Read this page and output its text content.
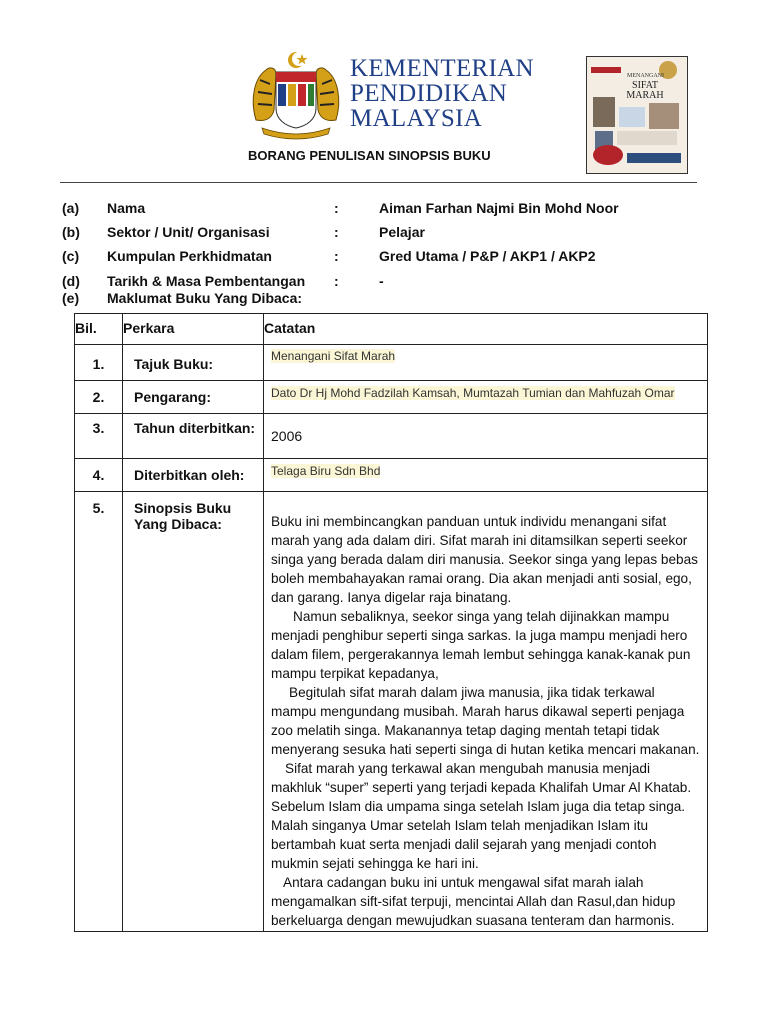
KEMENTERIAN
PENDIDIKAN
MALAYSIA
MENANGANI
SIFAT MARAH
BORANG PENULISAN SINOPSIS BUKU
(a) Nama	:	Aiman Farhan Najmi Bin Mohd Noor
(b) Sektor / Unit/ Organisasi	:	Pelajar
(c) Kumpulan Perkhidmatan	:	Gred Utama / P&P / AKP1 / AKP2
(d) Tarikh & Masa Pembentangan :	-
(e) Maklumat Buku Yang Dibaca:
Bil.	Perkara	Catatan
1.	Tajuk Buku:	Menangani Sifat Marah
2.	Pengarang:	Dato Dr Hj Mohd Fadzilah Kamsah, Mumtazah Tumian dan Mahfuzah Omar
3.	Tahun diterbitkan:	2006
4.	Diterbitkan oleh:	Telaga Biru Sdn Bhd
5.	Sinopsis Buku Yang Dibaca:	Buku ini membincangkan panduan untuk individu menangani sifat marah yang ada dalam diri. Sifat marah ini ditamsilkan seperti seekor singa yang berada dalam diri manusia. Seekor singa yang lepas bebas boleh membahayakan ramai orang. Dia akan menjadi anti sosial, ego, dan garang. Ianya digelar raja binatang.

Namun sebaliknya, seekor singa yang telah dijinakkan mampu menjadi penghibur seperti singa sarkas. Ia juga mampu menjadi hero dalam filem, pergerakannya lemah lembut sehingga kanak-kanak pun mampu terpikat kepadanya,

Begitulah sifat marah dalam jiwa manusia, jika tidak terkawal mampu mengundang musibah. Marah harus dikawal seperti penjaga zoo melatih singa. Makanannya tetap daging mentah tetapi tidak menyerang sesuka hati seperti singa di hutan ketika mencari makanan.

Sifat marah yang terkawal akan mengubah manusia menjadi makhluk “super” seperti yang terjadi kepada Khalifah Umar Al Khatab. Sebelum Islam dia umpama singa setelah Islam juga dia tetap singa. Malah singanya Umar setelah Islam telah menjadikan Islam itu bertambah kuat serta menjadi dalil sejarah yang menjadi contoh mukmin sejati sehingga ke hari ini.

Antara cadangan buku ini untuk mengawal sifat marah ialah mengamalkan sift-sifat terpuji, mencintai Allah dan Rasul,dan hidup berkeluarga dengan mewujudkan suasana tenteram dan harmonis.
